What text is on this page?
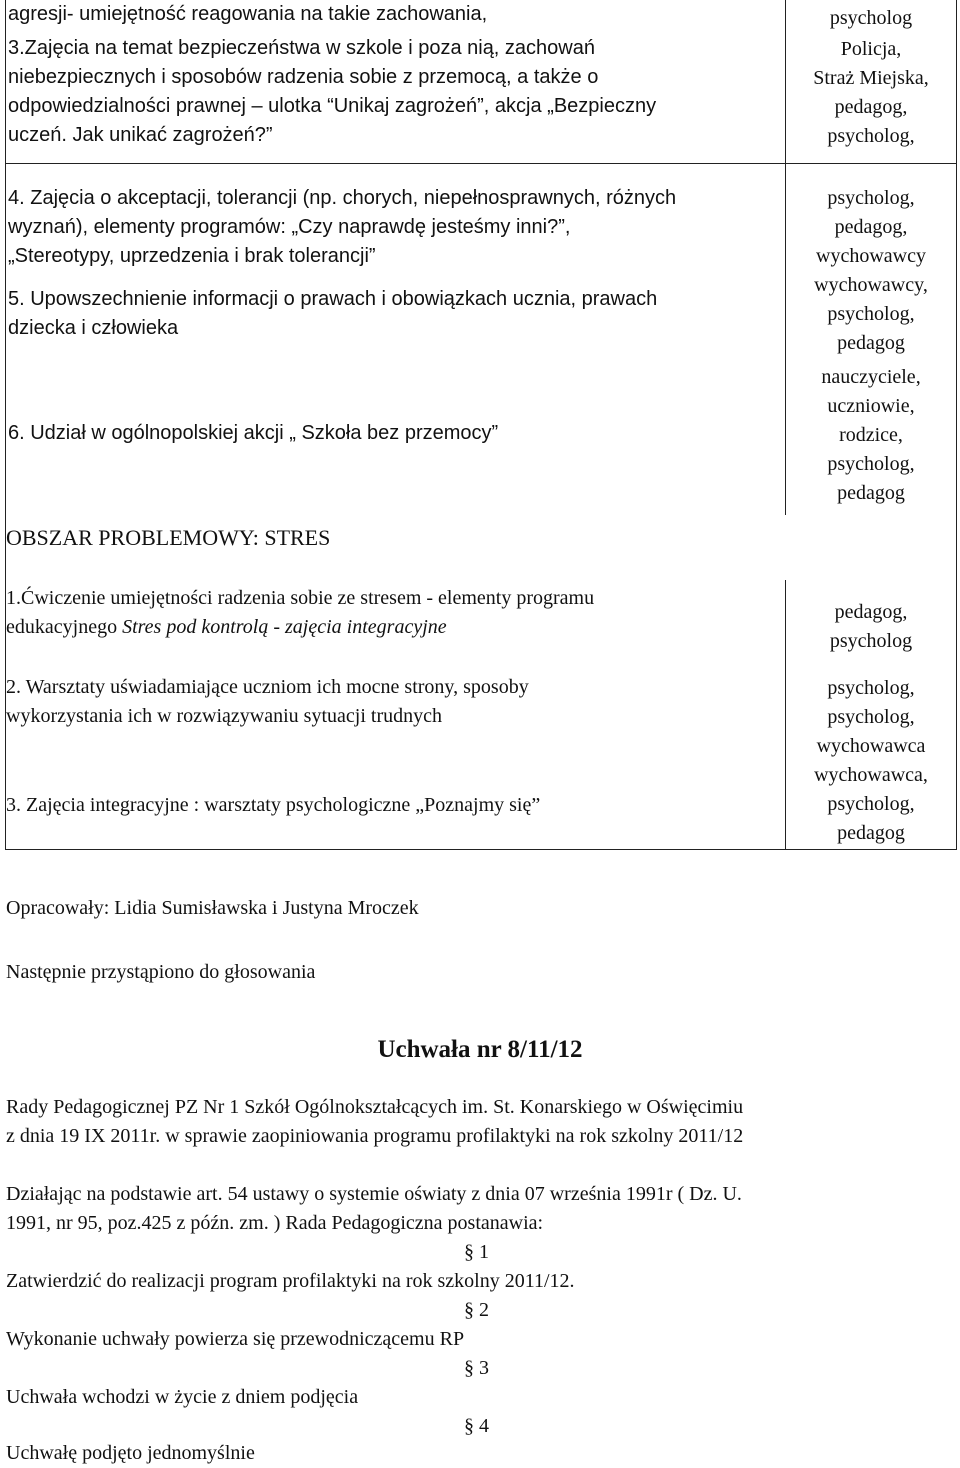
agresji- umiejętność reagowania na takie zachowania,
3.Zajęcia na temat bezpieczeństwa w szkole i poza nią, zachowań
niebezpiecznych i sposobów radzenia sobie z przemocą, a także o
odpowiedzialności prawnej – ulotka “Unikaj zagrożeń”, akcja „Bezpieczny
uczeń. Jak unikać zagrożeń?”
psycholog
Policja,
Straż Miejska,
pedagog,
psycholog,
4. Zajęcia o akceptacji, tolerancji (np. chorych, niepełnosprawnych, różnych
wyznań), elementy programów: „Czy naprawdę jesteśmy inni?”,
„Stereotypy, uprzedzenia i brak tolerancji”
5. Upowszechnienie informacji o prawach i obowiązkach ucznia, prawach
dziecka i człowieka
6. Udział w ogólnopolskiej akcji „ Szkoła bez przemocy”
psycholog,
pedagog,
wychowawcy
wychowawcy,
psycholog,
pedagog
nauczyciele,
uczniowie,
rodzice,
psycholog,
pedagog
OBSZAR PROBLEMOWY: STRES
1.Ćwiczenie umiejętności radzenia sobie ze stresem - elementy programu
edukacyjnego Stres pod kontrolą - zajęcia integracyjne
2. Warsztaty uświadamiające uczniom ich mocne strony, sposoby
wykorzystania ich w rozwiązywaniu sytuacji trudnych
3. Zajęcia integracyjne : warsztaty psychologiczne „Poznajmy się”
pedagog,
psycholog
psycholog,
psycholog,
wychowawca
wychowawca,
psycholog,
pedagog
Opracowały: Lidia Sumisławska i Justyna Mroczek
Następnie przystąpiono do głosowania
Uchwała nr 8/11/12
Rady Pedagogicznej PZ Nr 1 Szkół Ogólnokształcących im. St. Konarskiego w Oświęcimiu
z dnia 19 IX 2011r. w sprawie zaopiniowania programu profilaktyki na rok szkolny 2011/12
Działając na podstawie art. 54 ustawy o systemie oświaty z dnia 07 września 1991r ( Dz. U.
1991, nr 95, poz.425 z późn. zm. ) Rada Pedagogiczna postanawia:
§ 1
Zatwierdzić do realizacji program profilaktyki na rok szkolny 2011/12.
§ 2
Wykonanie uchwały powierza się przewodniczącemu RP
§ 3
Uchwała wchodzi w życie z dniem podjęcia
§ 4
Uchwałę podjęto jednomyślnie
